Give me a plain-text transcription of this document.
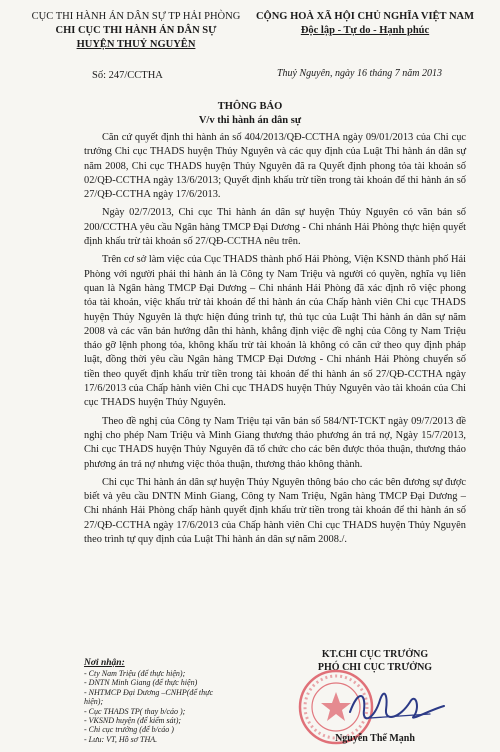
CỤC THI HÀNH ÁN DÂN SỰ TP HẢI PHÒNG
CHI CỤC THI HÀNH ÁN DÂN SỰ
HUYỆN THUỶ NGUYÊN
CỘNG HOÀ XÃ HỘI CHỦ NGHĨA VIỆT NAM
Độc lập - Tự do - Hạnh phúc
Số: 247/CCTHA	Thuỷ Nguyên, ngày 16 tháng 7 năm 2013
THÔNG BÁO
V/v thi hành án dân sự

Căn cứ quyết định thi hành án số 404/2013/QĐ-CCTHA ngày 09/01/2013 của Chi cục trưởng Chi cục THADS huyện Thủy Nguyên và các quy định của Luật Thi hành án dân sự năm 2008, Chi cục THADS huyện Thủy Nguyên đã ra Quyết định phong tỏa tài khoản số 02/QĐ-CCTHA ngày 13/6/2013; Quyết định khấu trừ tiền trong tài khoản để thi hành án số 27/QĐ-CCTHA ngày 17/6/2013.

Ngày 02/7/2013, Chi cục Thi hành án dân sự huyện Thủy Nguyên có văn bản số 200/CCTHA yêu cầu Ngân hàng TMCP Đại Dương - Chi nhánh Hải Phòng thực hiện quyết định khấu trừ tài khoản số 27/QĐ-CCTHA nêu trên.

Trên cơ sở làm việc của Cục THADS thành phố Hải Phòng, Viện KSND thành phố Hải Phòng với người phải thi hành án là Công ty Nam Triệu và người có quyền, nghĩa vụ liên quan là Ngân hàng TMCP Đại Dương – Chi nhánh Hải Phòng đã xác định rõ việc phong tỏa tài khoản, việc khấu trừ tài khoản để thi hành án của Chấp hành viên Chi cục THADS huyện Thủy Nguyên là thực hiện đúng trình tự, thủ tục của Luật Thi hành án dân sự năm 2008 và các văn bản hướng dẫn thi hành, khẳng định việc đề nghị của Công ty Nam Triệu tháo gỡ lệnh phong tỏa, không khấu trừ tài khoản là không có căn cứ theo quy định pháp luật, đồng thời yêu cầu Ngân hàng TMCP Đại Dương - Chi nhánh Hải Phòng chuyển số tiền theo quyết định khấu trừ tiền trong tài khoản để thi hành án số 27/QĐ-CCTHA ngày 17/6/2013 của Chấp hành viên Chi cục THADS huyện Thủy Nguyên vào tài khoản của Chi cục THADS huyện Thủy Nguyên.

Theo đề nghị của Công ty Nam Triệu tại văn bản số 584/NT-TCKT ngày 09/7/2013 đề nghị cho phép Nam Triệu và Minh Giang thương thảo phương án trả nợ, Ngày 15/7/2013, Chi cục THADS huyện Thủy Nguyên đã tổ chức cho các bên được thỏa thuận, thương thảo phương án trả nợ nhưng việc thỏa thuận, thương thảo không thành.

Chi cục Thi hành án dân sự huyện Thủy Nguyên thông báo cho các bên đương sự được biết và yêu cầu DNTN Minh Giang, Công ty Nam Triệu, Ngân hàng TMCP Đại Dương – Chi nhánh Hải Phòng chấp hành quyết định khấu trừ tiền trong tài khoản để thi hành án số 27/QĐ-CCTHA ngày 17/6/2013 của Chấp hành viên Chi cục THADS huyện Thủy Nguyên theo trình tự quy định của Luật Thi hành án dân sự năm 2008./.

Nơi nhận:
- Cty Nam Triệu (để thực hiện);
- DNTN Minh Giang (để thực hiện)
- NHTMCP Đại Dương –CNHP(để thực hiện);
- Cục THADS TP( thay b/cáo );
- VKSND huyện (để kiểm sát);
- Chi cục trưởng (để b/cáo )
- Lưu: VT, Hồ sơ THA.
KT.CHI CỤC TRƯỞNG
PHÓ CHI CỤC TRƯỞNG
Nguyễn Thế Mạnh
